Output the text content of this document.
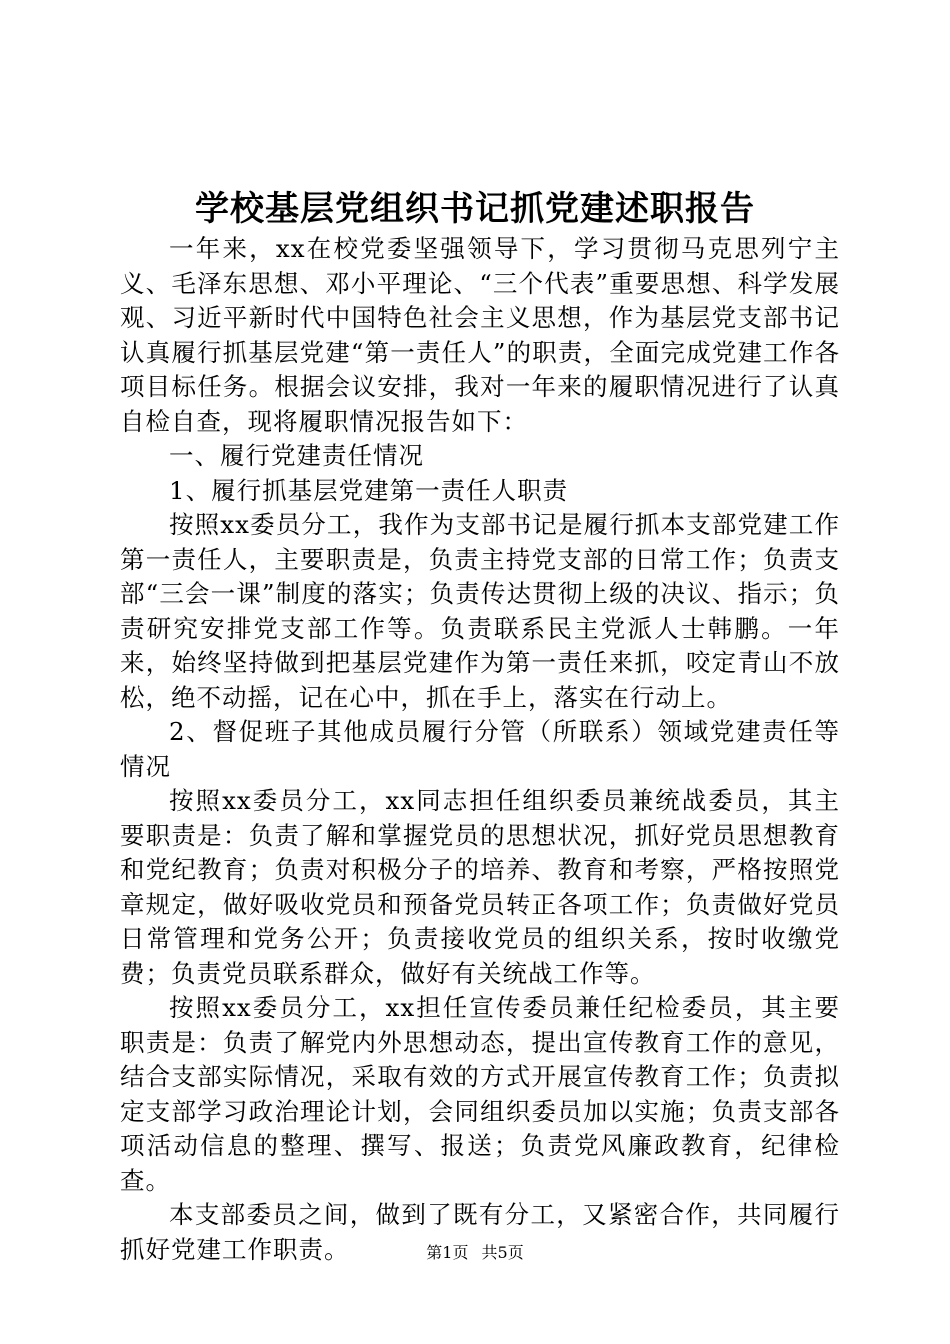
学校基层党组织书记抓党建述职报告

一年来，xx在校党委坚强领导下，学习贯彻马克思列宁主义、毛泽东思想、邓小平理论、“三个代表”重要思想、科学发展观、习近平新时代中国特色社会主义思想，作为基层党支部书记认真履行抓基层党建“第一责任人”的职责，全面完成党建工作各项目标任务。根据会议安排，我对一年来的履职情况进行了认真自检自查，现将履职情况报告如下：

一、履行党建责任情况

1、履行抓基层党建第一责任人职责

按照xx委员分工，我作为支部书记是履行抓本支部党建工作第一责任人，主要职责是，负责主持党支部的日常工作；负责支部“三会一课”制度的落实；负责传达贯彻上级的决议、指示；负责研究安排党支部工作等。负责联系民主党派人士韩鹏。一年来，始终坚持做到把基层党建作为第一责任来抓，咬定青山不放松，绝不动摇，记在心中，抓在手上，落实在行动上。

2、督促班子其他成员履行分管（所联系）领域党建责任等情况

按照xx委员分工，xx同志担任组织委员兼统战委员，其主要职责是：负责了解和掌握党员的思想状况，抓好党员思想教育和党纪教育；负责对积极分子的培养、教育和考察，严格按照党章规定，做好吸收党员和预备党员转正各项工作；负责做好党员日常管理和党务公开；负责接收党员的组织关系，按时收缴党费；负责党员联系群众，做好有关统战工作等。

按照xx委员分工，xx担任宣传委员兼任纪检委员，其主要职责是：负责了解党内外思想动态，提出宣传教育工作的意见，结合支部实际情况，采取有效的方式开展宣传教育工作；负责拟定支部学习政治理论计划，会同组织委员加以实施；负责支部各项活动信息的整理、撰写、报送；负责党风廉政教育，纪律检查。

本支部委员之间，做到了既有分工，又紧密合作，共同履行抓好党建工作职责。	第1页 共5页
